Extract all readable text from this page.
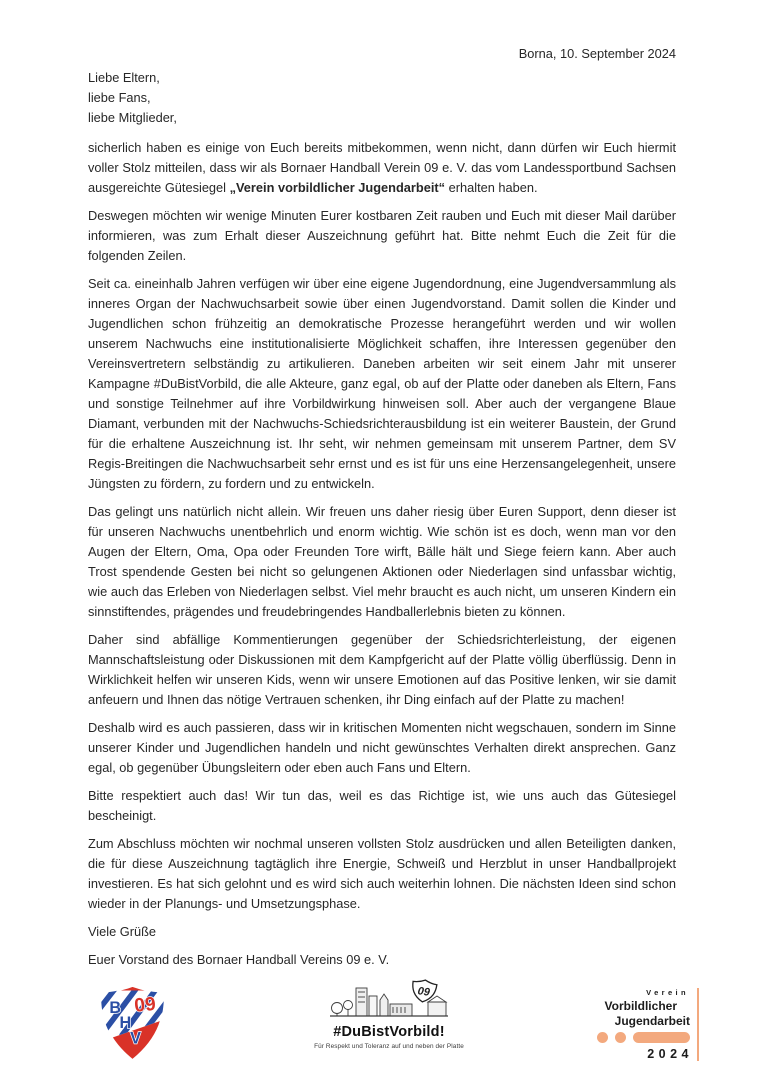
Borna, 10. September 2024

Liebe Eltern,
liebe Fans,
liebe Mitglieder,

sicherlich haben es einige von Euch bereits mitbekommen, wenn nicht, dann dürfen wir Euch hiermit voller Stolz mitteilen, dass wir als Bornaer Handball Verein 09 e. V. das vom Landessportbund Sachsen ausgereichte Gütesiegel „Verein vorbildlicher Jugendarbeit“ erhalten haben.

Deswegen möchten wir wenige Minuten Eurer kostbaren Zeit rauben und Euch mit dieser Mail darüber informieren, was zum Erhalt dieser Auszeichnung geführt hat. Bitte nehmt Euch die Zeit für die folgenden Zeilen.

Seit ca. eineinhalb Jahren verfügen wir über eine eigene Jugendordnung, eine Jugendversammlung als inneres Organ der Nachwuchsarbeit sowie über einen Jugendvorstand. Damit sollen die Kinder und Jugendlichen schon frühzeitig an demokratische Prozesse herangeführt werden und wir wollen unserem Nachwuchs eine institutionalisierte Möglichkeit schaffen, ihre Interessen gegenüber den Vereinsvertretern selbständig zu artikulieren. Daneben arbeiten wir seit einem Jahr mit unserer Kampagne #DuBistVorbild, die alle Akteure, ganz egal, ob auf der Platte oder daneben als Eltern, Fans und sonstige Teilnehmer auf ihre Vorbildwirkung hinweisen soll. Aber auch der vergangene Blaue Diamant, verbunden mit der Nachwuchs-Schiedsrichterausbildung ist ein weiterer Baustein, der Grund für die erhaltene Auszeichnung ist. Ihr seht, wir nehmen gemeinsam mit unserem Partner, dem SV Regis-Breitingen die Nachwuchsarbeit sehr ernst und es ist für uns eine Herzensangelegenheit, unsere Jüngsten zu fördern, zu fordern und zu entwickeln.

Das gelingt uns natürlich nicht allein. Wir freuen uns daher riesig über Euren Support, denn dieser ist für unseren Nachwuchs unentbehrlich und enorm wichtig. Wie schön ist es doch, wenn man vor den Augen der Eltern, Oma, Opa oder Freunden Tore wirft, Bälle hält und Siege feiern kann. Aber auch Trost spendende Gesten bei nicht so gelungenen Aktionen oder Niederlagen sind unfassbar wichtig, wie auch das Erleben von Niederlagen selbst. Viel mehr braucht es auch nicht, um unseren Kindern ein sinnstiftendes, prägendes und freudebringendes Handballerlebnis bieten zu können.

Daher sind abfällige Kommentierungen gegenüber der Schiedsrichterleistung, der eigenen Mannschaftsleistung oder Diskussionen mit dem Kampfgericht auf der Platte völlig überflüssig. Denn in Wirklichkeit helfen wir unseren Kids, wenn wir unsere Emotionen auf das Positive lenken, wir sie damit anfeuern und Ihnen das nötige Vertrauen schenken, ihr Ding einfach auf der Platte zu machen!

Deshalb wird es auch passieren, dass wir in kritischen Momenten nicht wegschauen, sondern im Sinne unserer Kinder und Jugendlichen handeln und nicht gewünschtes Verhalten direkt ansprechen. Ganz egal, ob gegenüber Übungsleitern oder eben auch Fans und Eltern.

Bitte respektiert auch das! Wir tun das, weil es das Richtige ist, wie uns auch das Gütesiegel bescheinigt.

Zum Abschluss möchten wir nochmal unseren vollsten Stolz ausdrücken und allen Beteiligten danken, die für diese Auszeichnung tagtäglich ihre Energie, Schweiß und Herzblut in unser Handballprojekt investieren. Es hat sich gelohnt und es wird sich auch weiterhin lohnen. Die nächsten Ideen sind schon wieder in der Planungs- und Umsetzungsphase.

Viele Grüße

Euer Vorstand des Bornaer Handball Vereins 09 e. V.

B
H
V
09
09
#DuBistVorbild!
Für Respekt und Toleranz auf und neben der Platte
Verein
Vorbildlicher
Jugendarbeit
2024
